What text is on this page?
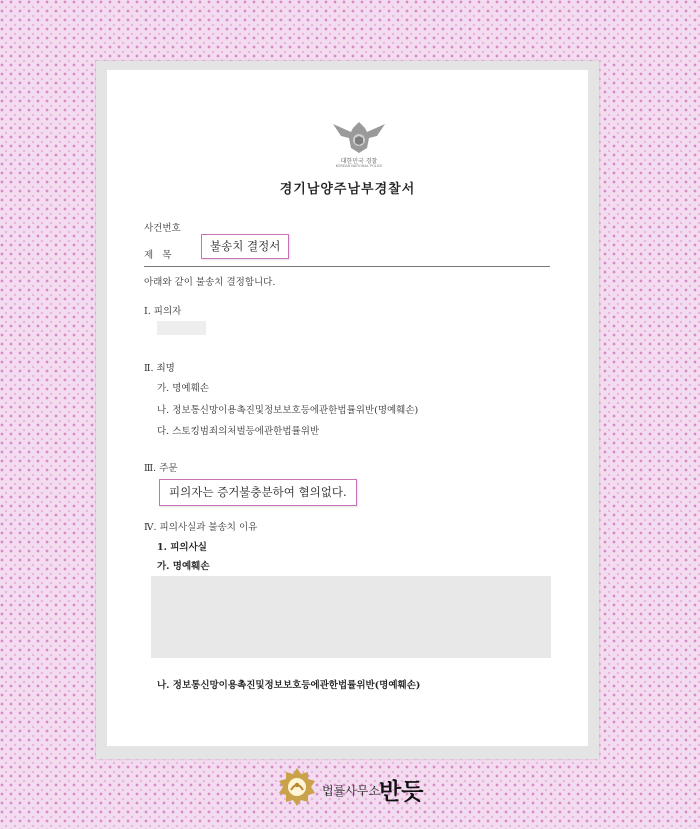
대한민국 경찰
KOREAN NATIONAL POLICE
경기남양주남부경찰서
사건번호
제   목
불송치 결정서
아래와 같이 불송치 결정합니다.
Ⅰ. 피의자
Ⅱ. 죄명
가. 명예훼손
나. 정보통신망이용촉진및정보보호등에관한법률위반(명예훼손)
다. 스토킹범죄의처벌등에관한법률위반
Ⅲ. 주문
피의자는 증거불충분하여 혐의없다.
Ⅳ. 피의사실과 불송치 이유
1. 피의사실
가. 명예훼손
나. 정보통신망이용촉진및정보보호등에관한법률위반(명예훼손)
법률사무소 반듯
